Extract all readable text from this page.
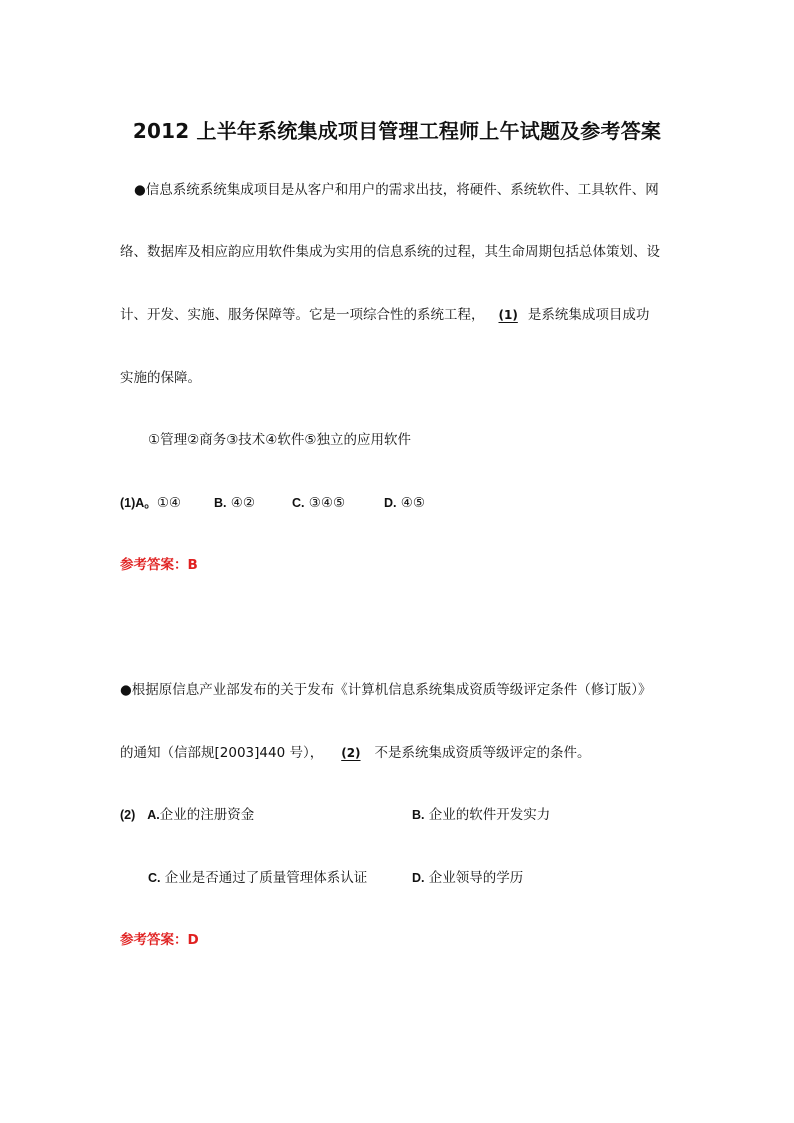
2012 上半年系统集成项目管理工程师上午试题及参考答案
●信息系统系统集成项目是从客户和用户的需求出技，将硬件、系统软件、工具软件、网
络、数据库及相应韵应用软件集成为实用的信息系统的过程，其生命周期包括总体策划、设
计、开发、实施、服务保障等。它是一项综合性的系统工程， (1) 是系统集成项目成功
实施的保障。
①管理②商务③技术④软件⑤独立的应用软件
(1)A。①④	B. ④②	C. ③④⑤	D. ④⑤
参考答案：B
●根据原信息产业部发布的关于发布《计算机信息系统集成资质等级评定条件（修订版）》
的通知（信部规[2003]440 号）， (2) 不是系统集成资质等级评定的条件。
(2) A.企业的注册资金	B. 企业的软件开发实力
C. 企业是否通过了质量管理体系认证	D. 企业领导的学历
参考答案：D
